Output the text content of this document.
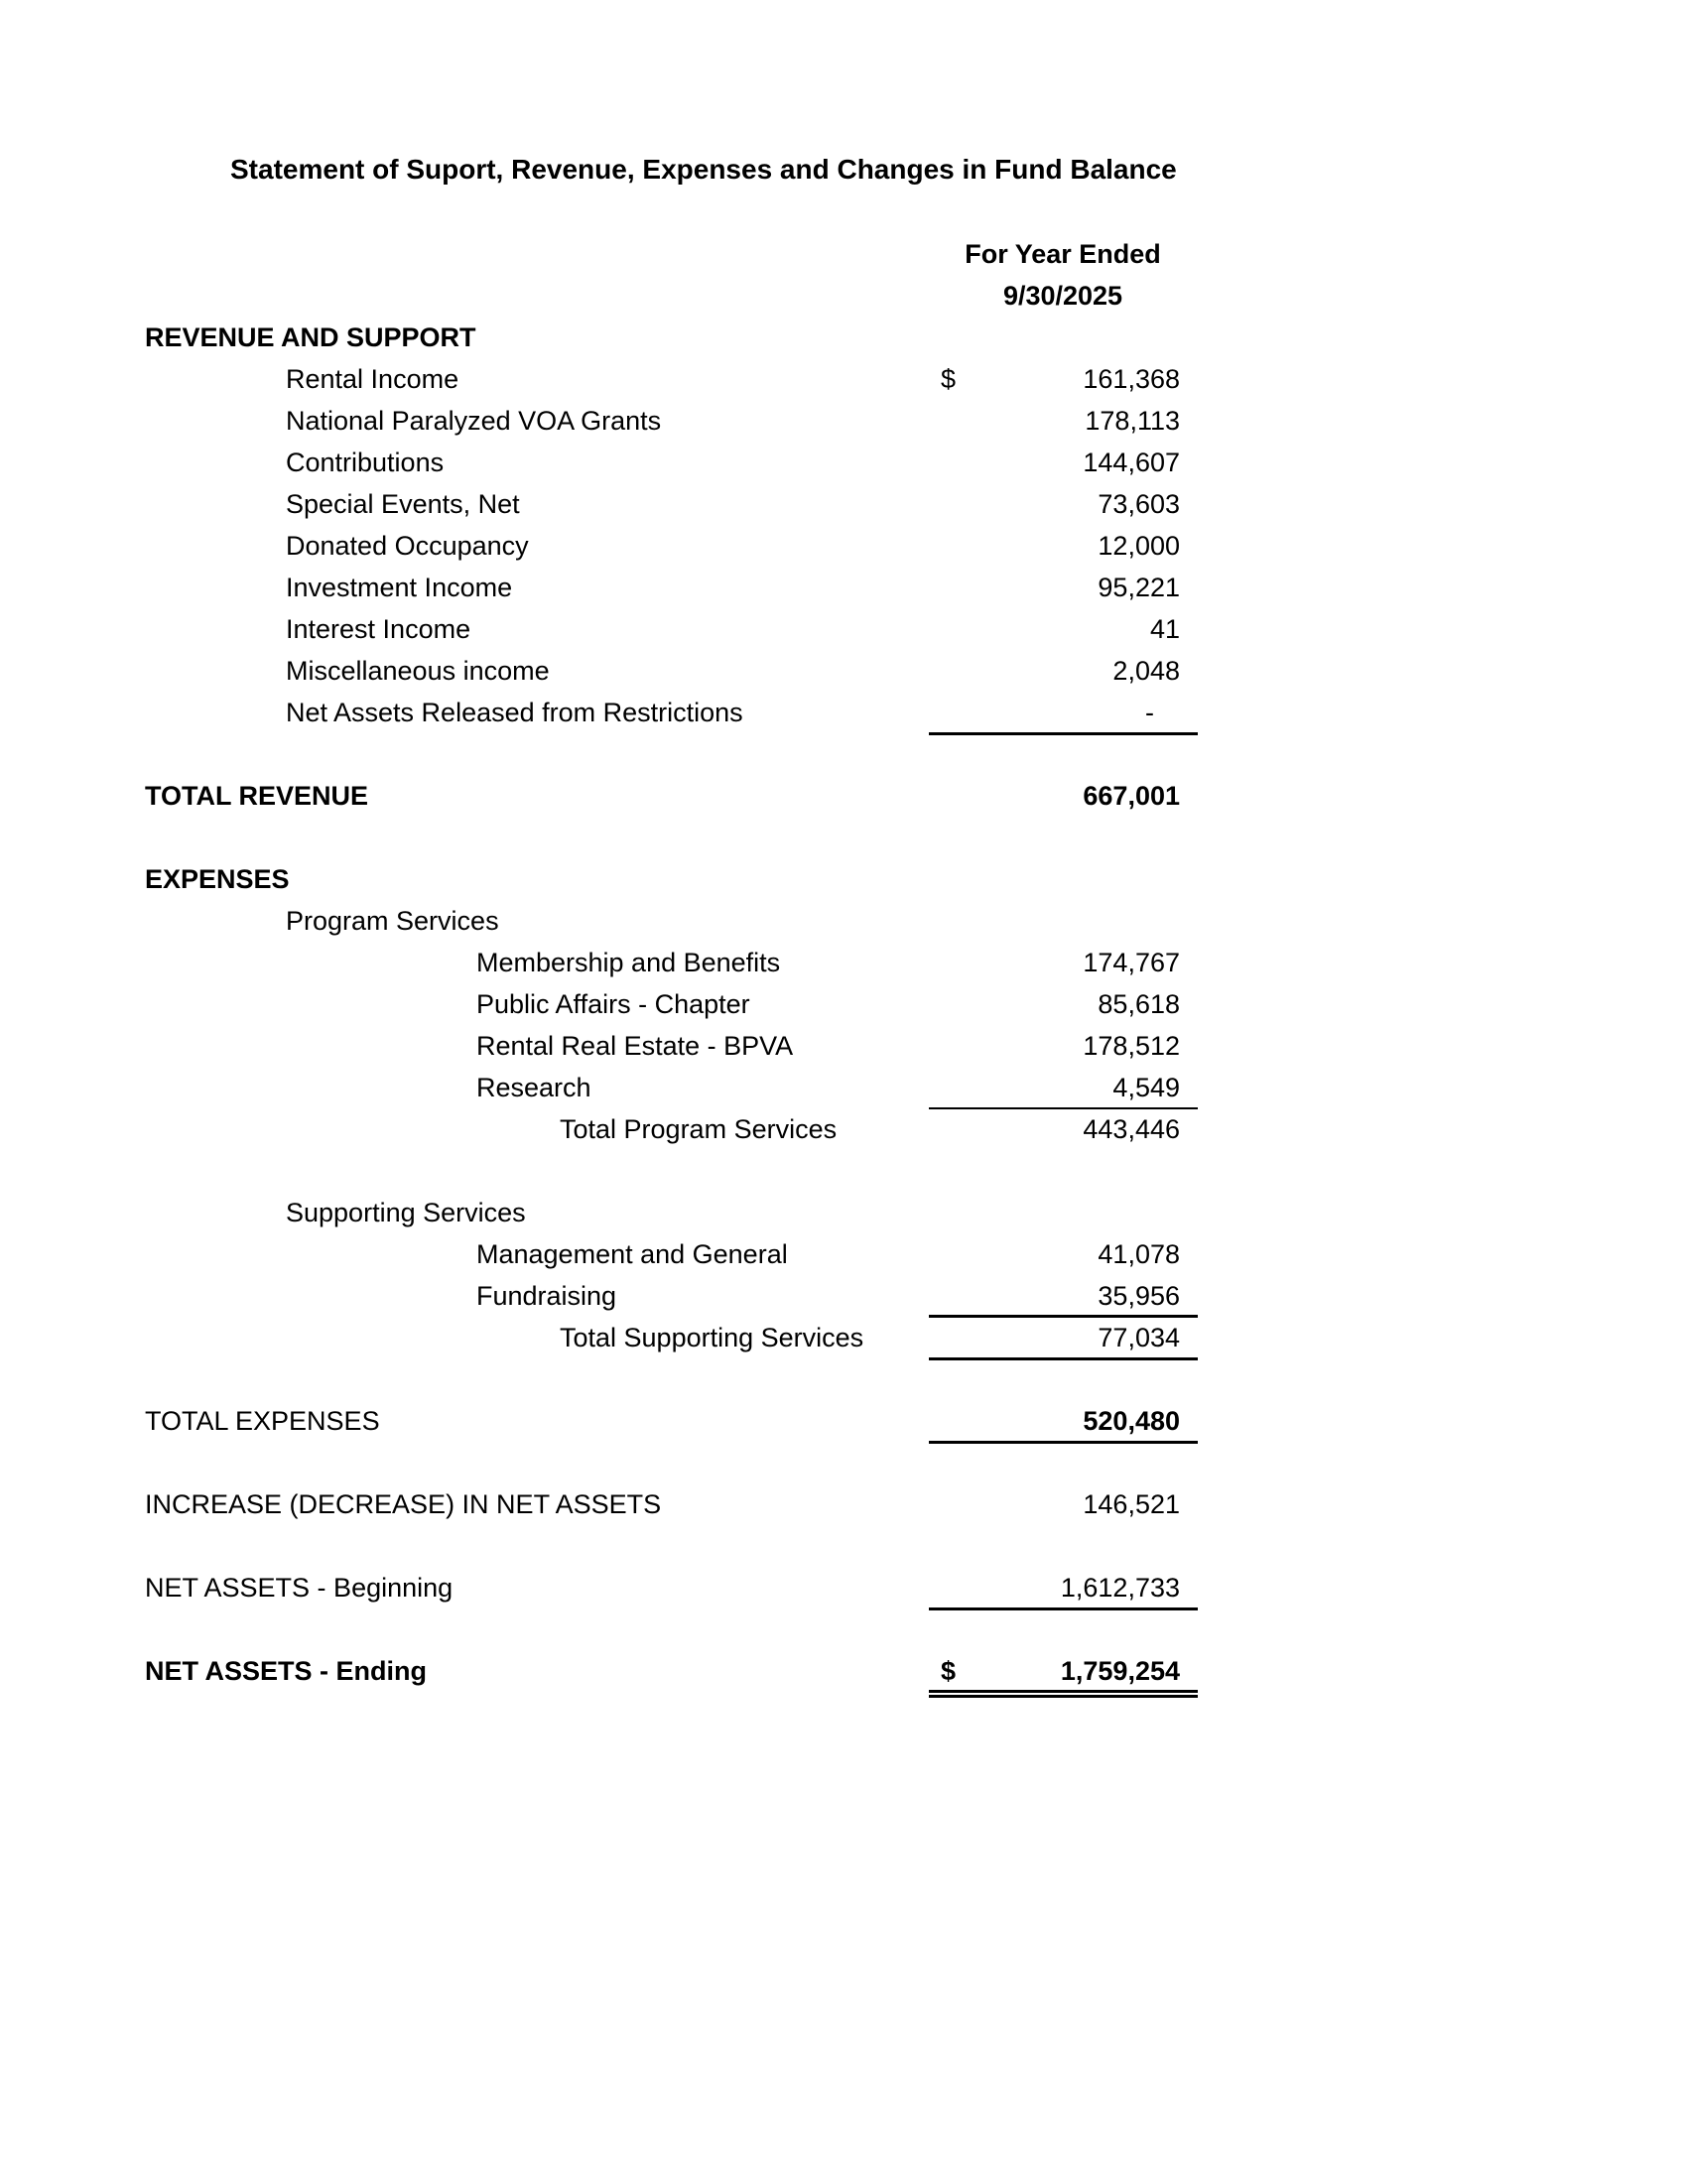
Statement of Suport, Revenue, Expenses and Changes in Fund Balance
For Year Ended
9/30/2025
REVENUE AND SUPPORT
Rental Income	$	161,368
National Paralyzed VOA Grants	178,113
Contributions	144,607
Special Events, Net	73,603
Donated Occupancy	12,000
Investment Income	95,221
Interest Income	41
Miscellaneous income	2,048
Net Assets Released from Restrictions	-
TOTAL REVENUE	667,001
EXPENSES
Program Services
Membership and Benefits	174,767
Public Affairs - Chapter	85,618
Rental Real Estate - BPVA	178,512
Research	4,549
Total Program Services	443,446
Supporting Services
Management and General	41,078
Fundraising	35,956
Total Supporting Services	77,034
TOTAL EXPENSES	520,480
INCREASE (DECREASE) IN NET ASSETS	146,521
NET ASSETS - Beginning	1,612,733
NET ASSETS - Ending	$	1,759,254
